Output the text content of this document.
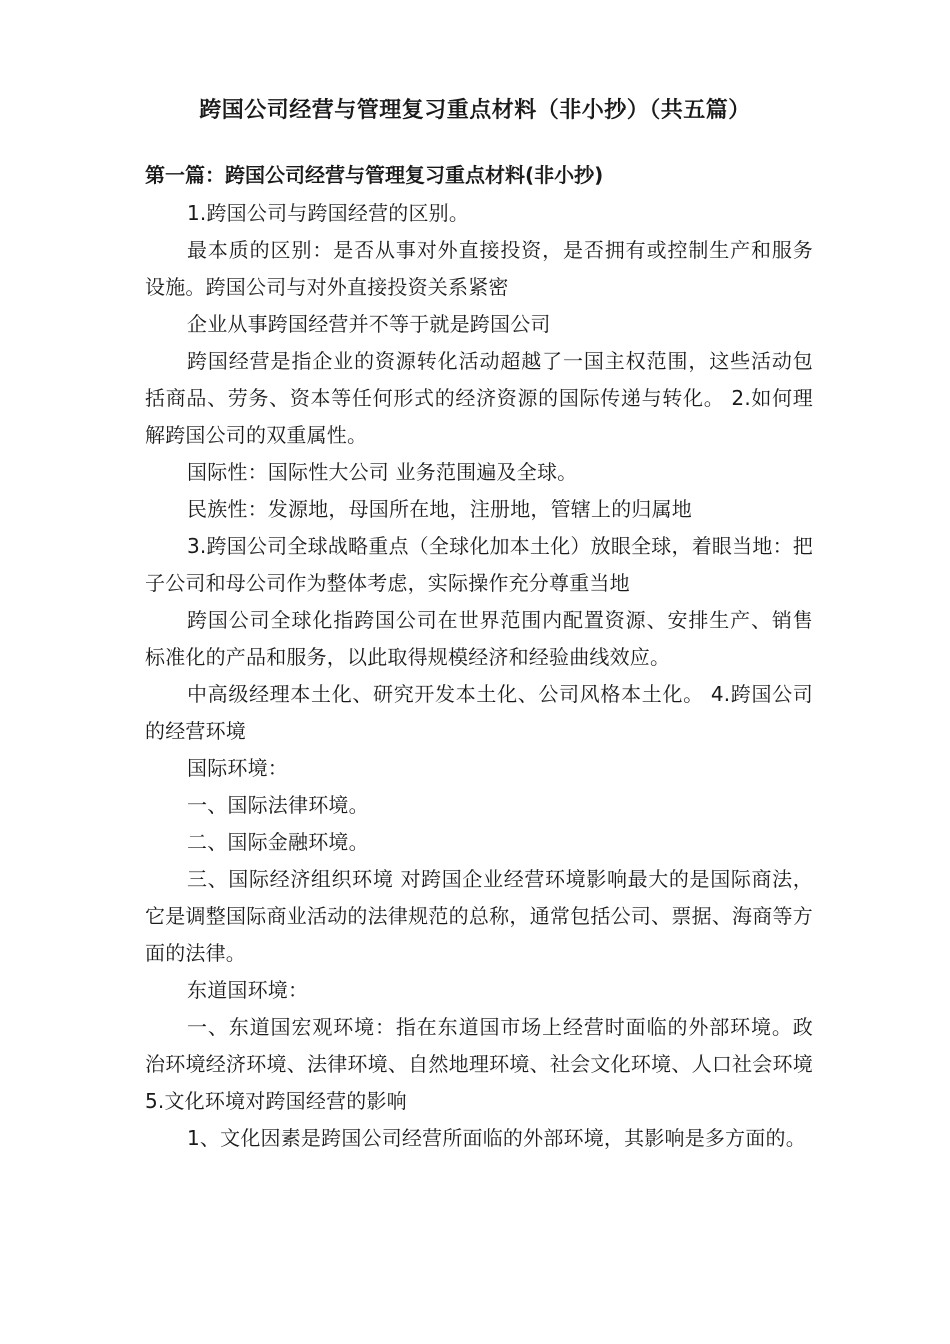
跨国公司经营与管理复习重点材料（非小抄）（共五篇）
第一篇：跨国公司经营与管理复习重点材料(非小抄)

1.跨国公司与跨国经营的区别。

最本质的区别：是否从事对外直接投资，是否拥有或控制生产和服务设施。跨国公司与对外直接投资关系紧密

企业从事跨国经营并不等于就是跨国公司

跨国经营是指企业的资源转化活动超越了一国主权范围，这些活动包括商品、劳务、资本等任何形式的经济资源的国际传递与转化。 2.如何理解跨国公司的双重属性。

国际性：国际性大公司 业务范围遍及全球。

民族性：发源地，母国所在地，注册地，管辖上的归属地

3.跨国公司全球战略重点（全球化加本土化）放眼全球，着眼当地：把子公司和母公司作为整体考虑，实际操作充分尊重当地

跨国公司全球化指跨国公司在世界范围内配置资源、安排生产、销售标准化的产品和服务，以此取得规模经济和经验曲线效应。

中高级经理本土化、研究开发本土化、公司风格本土化。 4.跨国公司的经营环境

国际环境：

一、国际法律环境。

二、国际金融环境。

三、国际经济组织环境 对跨国企业经营环境影响最大的是国际商法，它是调整国际商业活动的法律规范的总称，通常包括公司、票据、海商等方面的法律。

东道国环境：

一、东道国宏观环境：指在东道国市场上经营时面临的外部环境。政治环境经济环境、法律环境、自然地理环境、社会文化环境、人口社会环境 5.文化环境对跨国经营的影响

1、文化因素是跨国公司经营所面临的外部环境，其影响是多方面的。
